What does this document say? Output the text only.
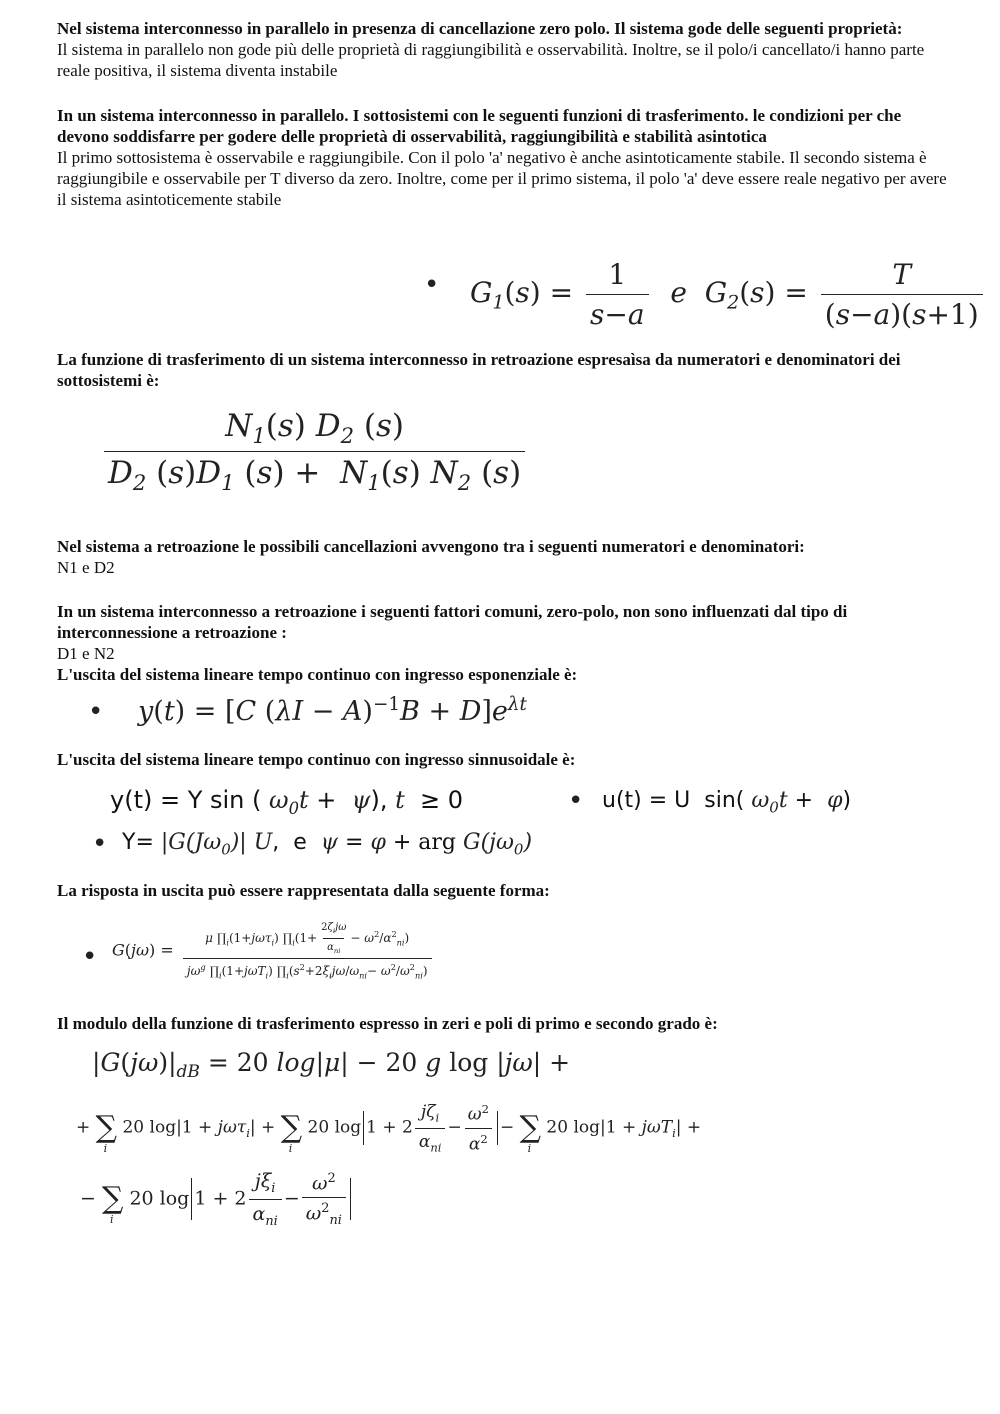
Nel sistema interconnesso in parallelo in presenza di cancellazione zero polo. Il sistema gode delle seguenti proprietà:

Il sistema in parallelo non gode più delle proprietà di raggiungibilità e osservabilità. Inoltre, se il polo/i cancellato/i hanno parte reale positiva, il sistema diventa instabile

In un sistema interconnesso in parallelo. I sottosistemi con le seguenti funzioni di trasferimento. le condizioni per che devono soddisfarre per godere delle proprietà di osservabilità, raggiungibilità e stabilità asintotica

Il primo sottosistema è osservabile e raggiungibile. Con il polo 'a' negativo è anche asintoticamente stabile. Il secondo sistema è raggiungibile e osservabile per T diverso da zero. Inoltre, come per il primo sistema, il polo 'a' deve essere reale negativo per avere il sistema asintoticemente stabile

• $G_1(s) = \frac{1}{s-a}$ e  $G_2(s) = \frac{T}{(s-a)(s+1)}$

La funzione di trasferimento di un sistema interconnesso in retroazione espresaìsa da numeratori e denominatori dei sottosistemi è:

$\frac{N_1(s) D_2 (s)}{D_2 (s)D_1 (s) + N_1(s) N_2 (s)}$

Nel sistema a retroazione le possibili cancellazioni avvengono tra i seguenti numeratori e denominatori:

N1 e D2

In un sistema interconnesso a retroazione i seguenti fattori comuni, zero-polo, non sono influenzati dal tipo di interconnessione a retroazione :

D1 e N2

L'uscita del sistema lineare tempo continuo con ingresso esponenziale è:

• y(t) = [C $(\lambda I - A)^{-1}B + D]e^{\lambda t}$

L'uscita del sistema lineare tempo continuo con ingresso sinnusoidale è:

y(t) = Y sin ( $\omega_0t + \psi$), t  ≥ 0	• u(t) = U  sin( $\omega_0t + \varphi$)
• $Y= |G(J\omega_0)|$ U,  e  ψ = φ + arg $G(j\omega_0)$

La risposta in uscita può essere rappresentata dalla seguente forma:

• $G(j\omega) = \frac{\mu \prod_i(1+j\omega\tau_i) \prod_i(1+ \frac{2\zeta_ij\omega}{\alpha_{ni}} - \omega^2/\alpha^2_{ni})}{j\omega^g \prod_i(1+j\omega T_i) \prod_i(s^2+2\xi_ij\omega/\omega_{ni}- \omega^2/\omega^2_{ni})}$

Il modulo della funzione di trasferimento espresso in zeri e poli di primo e secondo grado è:

$|G(j\omega)|_{dB} = 20$ log|μ| − 20 g log |jω| +
+ ∑
i
20 log|1 + jωτ$_i$| + ∑
i
20 $\log 1 + 2 \frac{j\zeta_i}{\alpha_{ni}} - \frac{\omega^2}{\alpha^2}$ − ∑
i
20 log|1 + jωT$_i$| +
− ∑
i
20 $\log 1 + 2 \frac{j\xi_i}{\alpha_{ni}} - \frac{\omega^2}{\omega^2_{ni}}$
